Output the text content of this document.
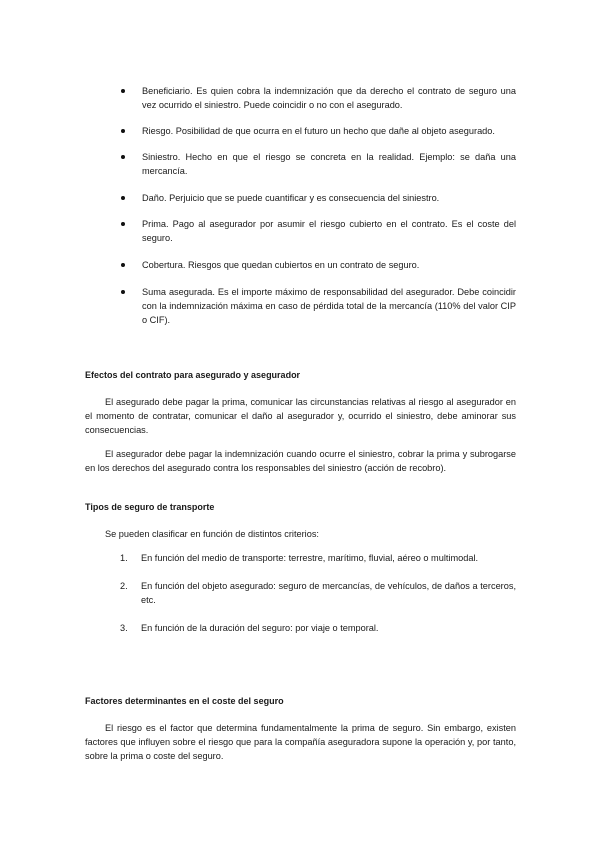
Beneficiario. Es quien cobra la indemnización que da derecho el contrato de seguro una vez ocurrido el siniestro. Puede coincidir o no con el asegurado.
Riesgo. Posibilidad de que ocurra en el futuro un hecho que dañe al objeto asegurado.
Siniestro. Hecho en que el riesgo se concreta en la realidad. Ejemplo: se daña una mercancía.
Daño. Perjuicio que se puede cuantificar y es consecuencia del siniestro.
Prima. Pago al asegurador por asumir el riesgo cubierto en el contrato. Es el coste del seguro.
Cobertura. Riesgos que quedan cubiertos en un contrato de seguro.
Suma asegurada. Es el importe máximo de responsabilidad del asegurador. Debe coincidir con la indemnización máxima en caso de pérdida total de la mercancía (110% del valor CIP o CIF).
Efectos del contrato para asegurado y asegurador

El asegurado debe pagar la prima, comunicar las circunstancias relativas al riesgo al asegurador en el momento de contratar, comunicar el daño al asegurador y, ocurrido el siniestro, debe aminorar sus consecuencias.

El asegurador debe pagar la indemnización cuando ocurre el siniestro, cobrar la prima y subrogarse en los derechos del asegurado contra los responsables del siniestro (acción de recobro).

Tipos de seguro de transporte

Se pueden clasificar en función de distintos criterios:

1. En función del medio de transporte: terrestre, marítimo, fluvial, aéreo o multimodal.
2. En función del objeto asegurado: seguro de mercancías, de vehículos, de daños a terceros, etc.
3. En función de la duración del seguro: por viaje o temporal.
Factores determinantes en el coste del seguro

El riesgo es el factor que determina fundamentalmente la prima de seguro. Sin embargo, existen factores que influyen sobre el riesgo que para la compañía aseguradora supone la operación y, por tanto, sobre la prima o coste del seguro.
